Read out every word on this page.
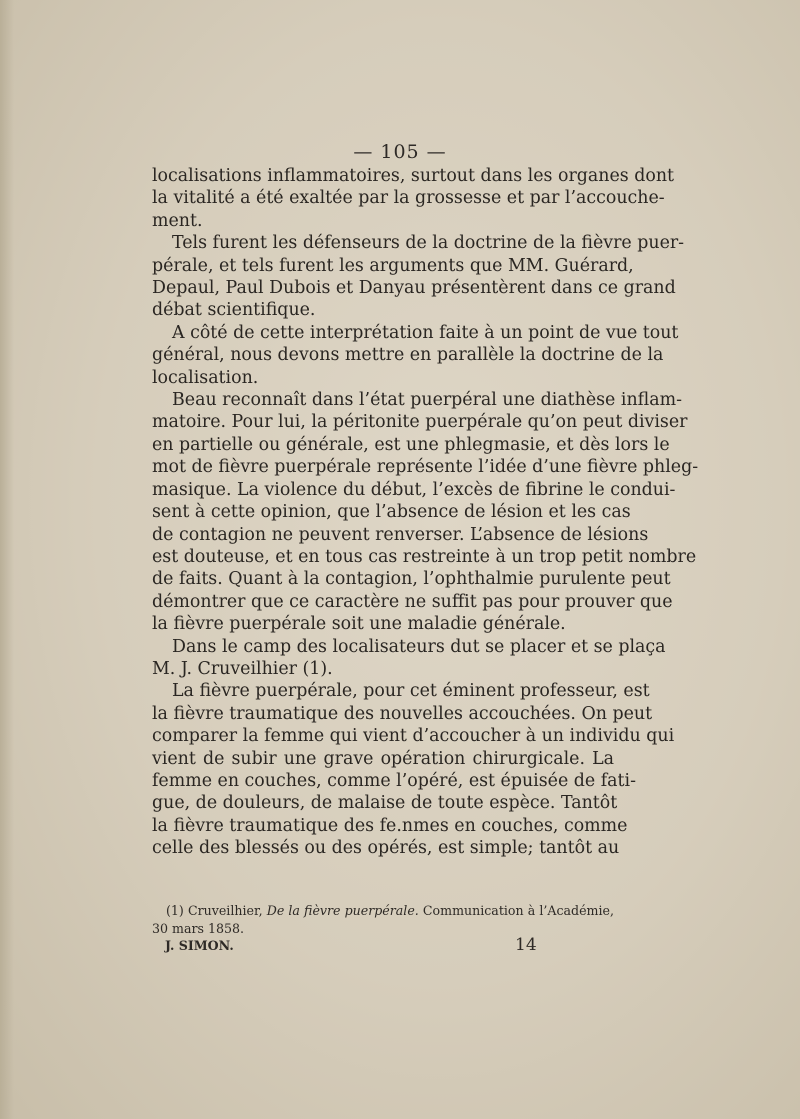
— 105 —
localisations inflammatoires, surtout dans les organes dont
la vitalité a été exaltée par la grossesse et par l’accouche-
ment.
Tels furent les défenseurs de la doctrine de la fièvre puer-
pérale, et tels furent les arguments que MM. Guérard,
Depaul, Paul Dubois et Danyau présentèrent dans ce grand
débat scientifique.
A côté de cette interprétation faite à un point de vue tout
général, nous devons mettre en parallèle la doctrine de la
localisation.
Beau reconnaît dans l’état puerpéral une diathèse inflam-
matoire. Pour lui, la péritonite puerpérale qu’on peut diviser
en partielle ou générale, est une phlegmasie, et dès lors le
mot de fièvre puerpérale représente l’idée d’une fièvre phleg-
masique. La violence du début, l’excès de fibrine le condui-
sent à cette opinion, que l’absence de lésion et les cas
de contagion ne peuvent renverser. L’absence de lésions
est douteuse, et en tous cas restreinte à un trop petit nombre
de faits. Quant à la contagion, l’ophthalmie purulente peut
démontrer que ce caractère ne suffit pas pour prouver que
la fièvre puerpérale soit une maladie générale.
Dans le camp des localisateurs dut se placer et se plaça
M. J. Cruveilhier (1).
La fièvre puerpérale, pour cet éminent professeur, est
la fièvre traumatique des nouvelles accouchées. On peut
comparer la femme qui vient d’accoucher à un individu qui
vient de subir une grave opération chirurgicale. La
femme en couches, comme l’opéré, est épuisée de fati-
gue, de douleurs, de malaise de toute espèce. Tantôt
la fièvre traumatique des fe.nmes en couches, comme
celle des blessés ou des opérés, est simple; tantôt au
(1) Cruveilhier, De la fièvre puerpérale. Communication à l’Académie,
30 mars 1858.
J. SIMON.	14
